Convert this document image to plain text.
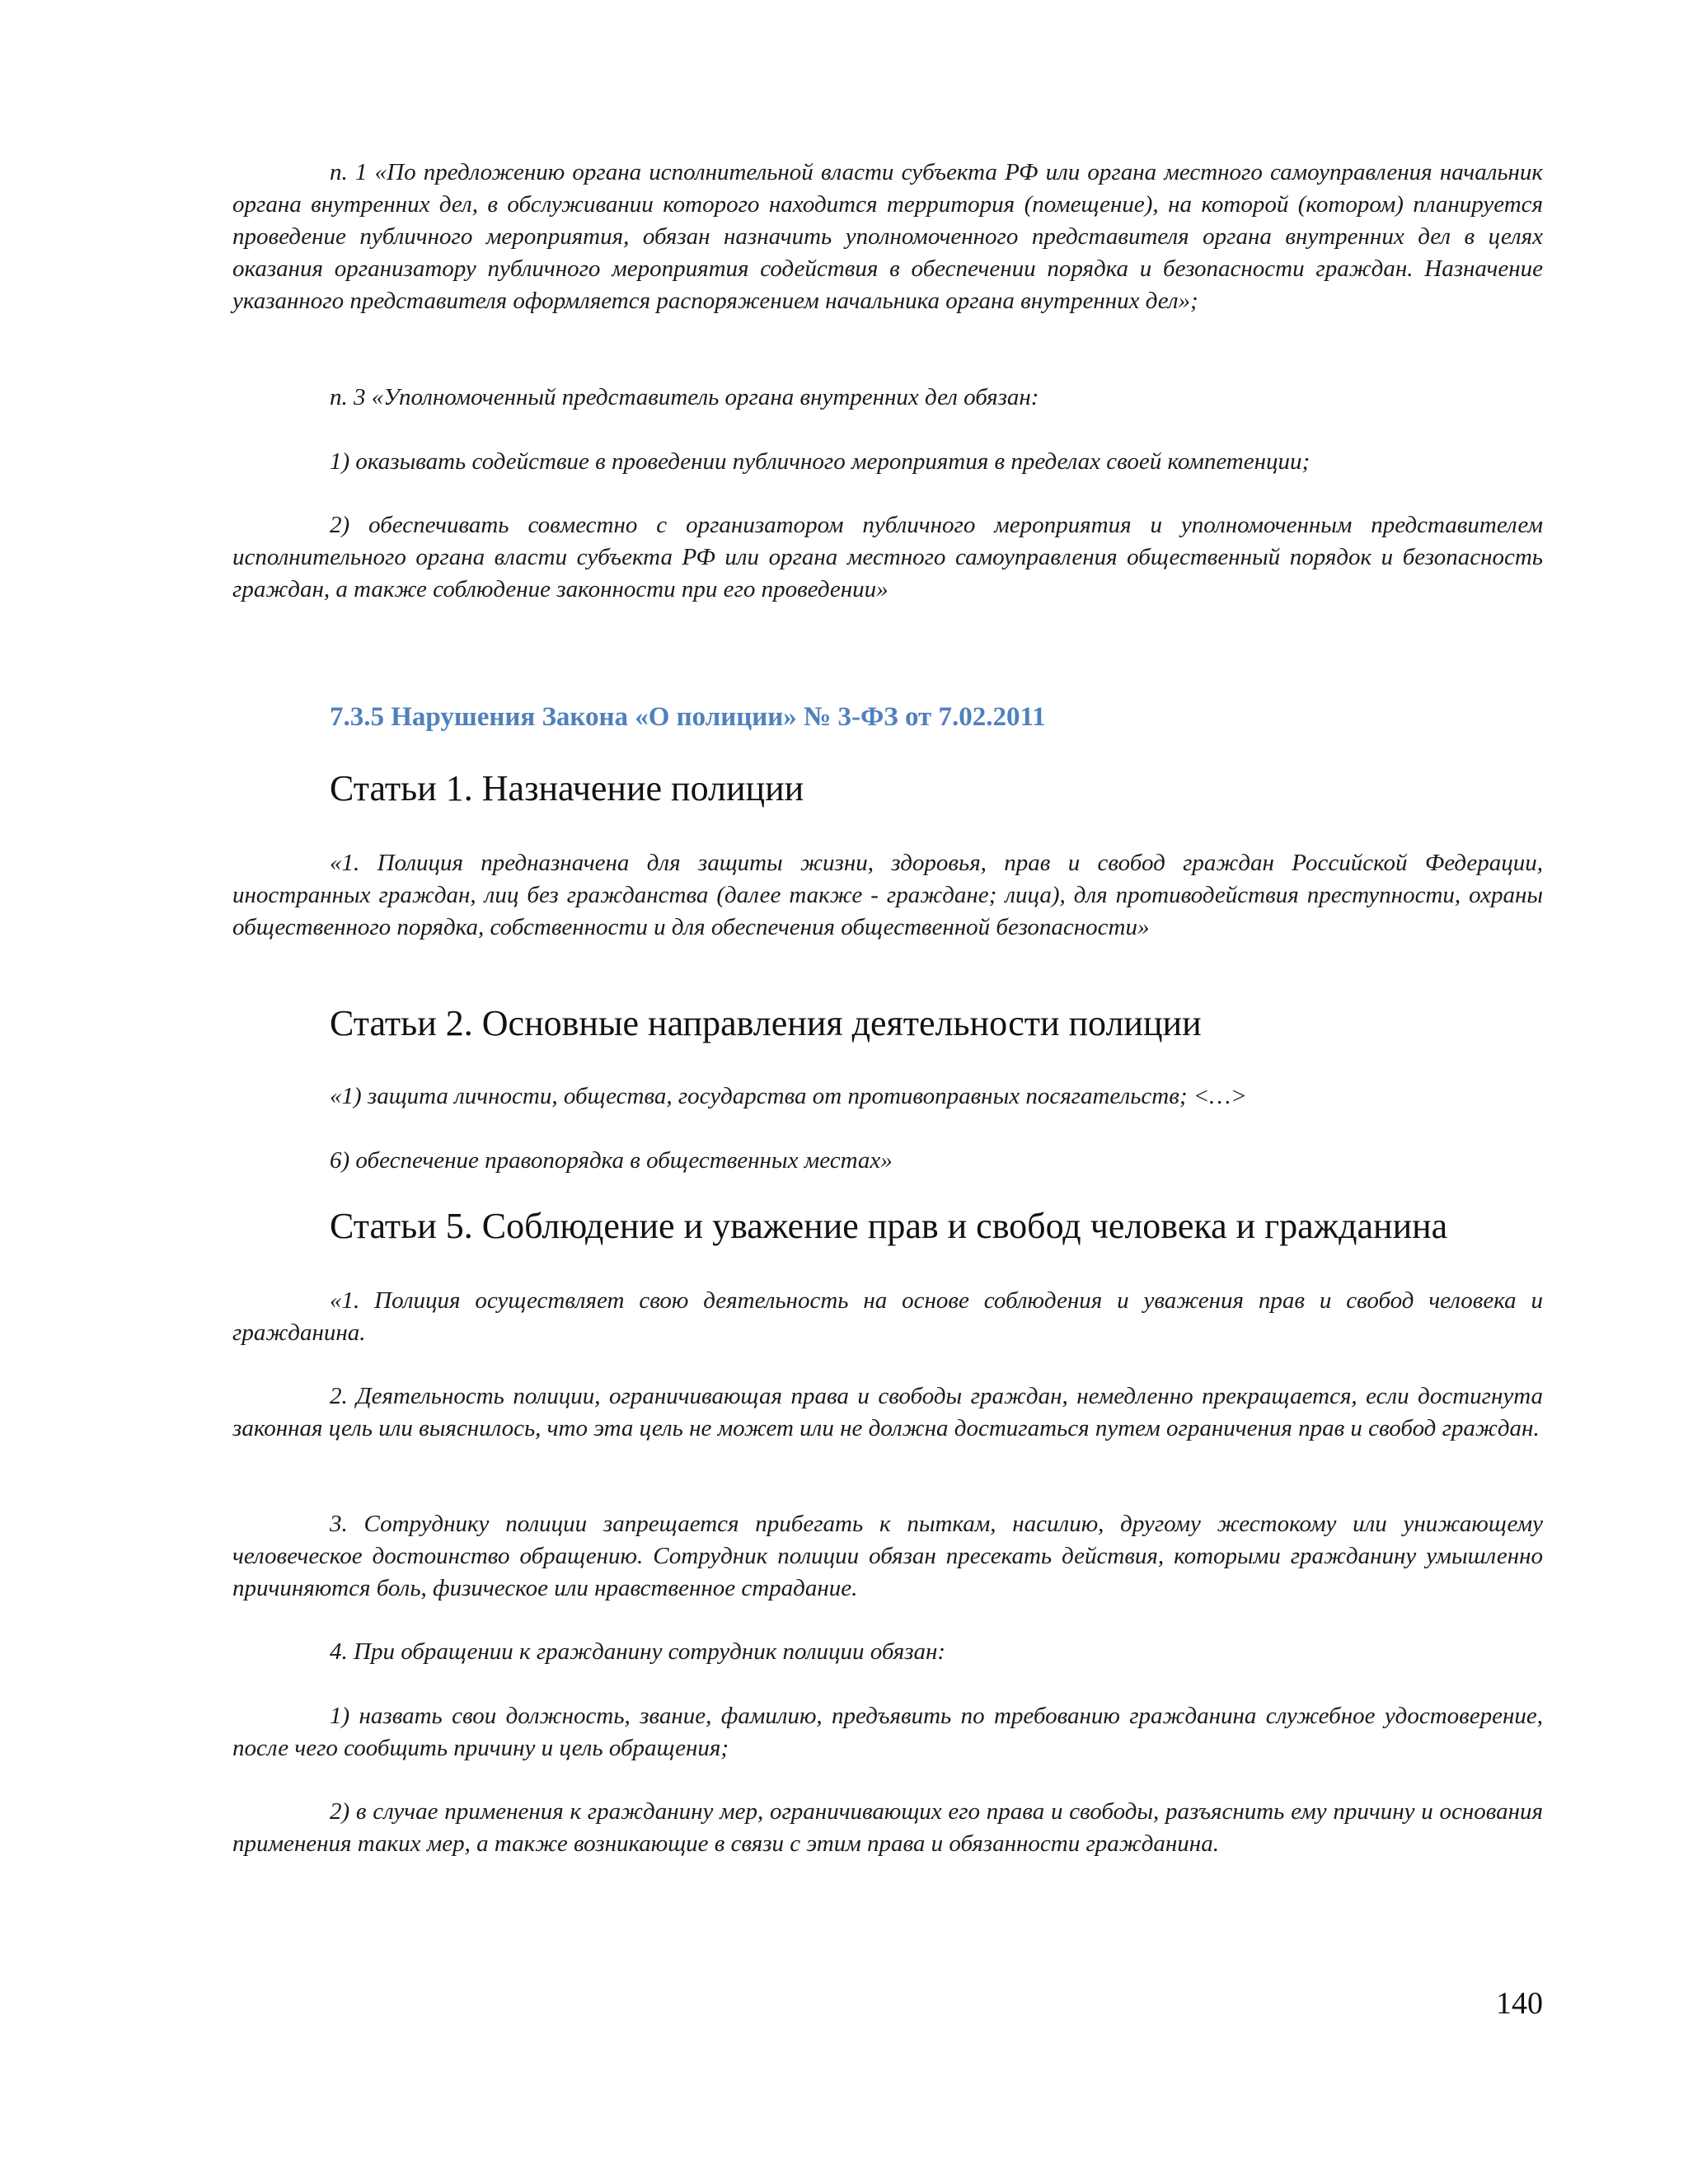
п. 1 «По предложению органа исполнительной власти субъекта РФ или органа местного самоуправления начальник органа внутренних дел, в обслуживании которого находится территория (помещение), на которой (котором) планируется проведение публичного мероприятия, обязан назначить уполномоченного представителя органа внутренних дел в целях оказания организатору публичного мероприятия содействия в обеспечении порядка и безопасности граждан. Назначение указанного представителя оформляется распоряжением начальника органа внутренних дел»;

п. 3 «Уполномоченный представитель органа внутренних дел обязан:

1) оказывать содействие в проведении публичного мероприятия в пределах своей компетенции;

2) обеспечивать совместно с организатором публичного мероприятия и уполномоченным представителем исполнительного органа власти субъекта РФ или органа местного самоуправления общественный порядок и безопасность граждан, а также соблюдение законности при его проведении»

7.3.5 Нарушения Закона «О полиции» № 3-ФЗ от 7.02.2011
Статьи 1. Назначение полиции

«1. Полиция предназначена для защиты жизни, здоровья, прав и свобод граждан Российской Федерации, иностранных граждан, лиц без гражданства (далее также - граждане; лица), для противодействия преступности, охраны общественного порядка, собственности и для обеспечения общественной безопасности»

Статьи 2. Основные направления деятельности полиции

«1) защита личности, общества, государства от противоправных посягательств; <…>

6) обеспечение правопорядка в общественных местах»

Статьи 5. Соблюдение и уважение прав и свобод человека и гражданина

«1. Полиция осуществляет свою деятельность на основе соблюдения и уважения прав и свобод человека и гражданина.

2. Деятельность полиции, ограничивающая права и свободы граждан, немедленно прекращается, если достигнута законная цель или выяснилось, что эта цель не может или не должна достигаться путем ограничения прав и свобод граждан.

3. Сотруднику полиции запрещается прибегать к пыткам, насилию, другому жестокому или унижающему человеческое достоинство обращению. Сотрудник полиции обязан пресекать действия, которыми гражданину умышленно причиняются боль, физическое или нравственное страдание.

4. При обращении к гражданину сотрудник полиции обязан:

1) назвать свои должность, звание, фамилию, предъявить по требованию гражданина служебное удостоверение, после чего сообщить причину и цель обращения;

2) в случае применения к гражданину мер, ограничивающих его права и свободы, разъяснить ему причину и основания применения таких мер, а также возникающие в связи с этим права и обязанности гражданина.

140
